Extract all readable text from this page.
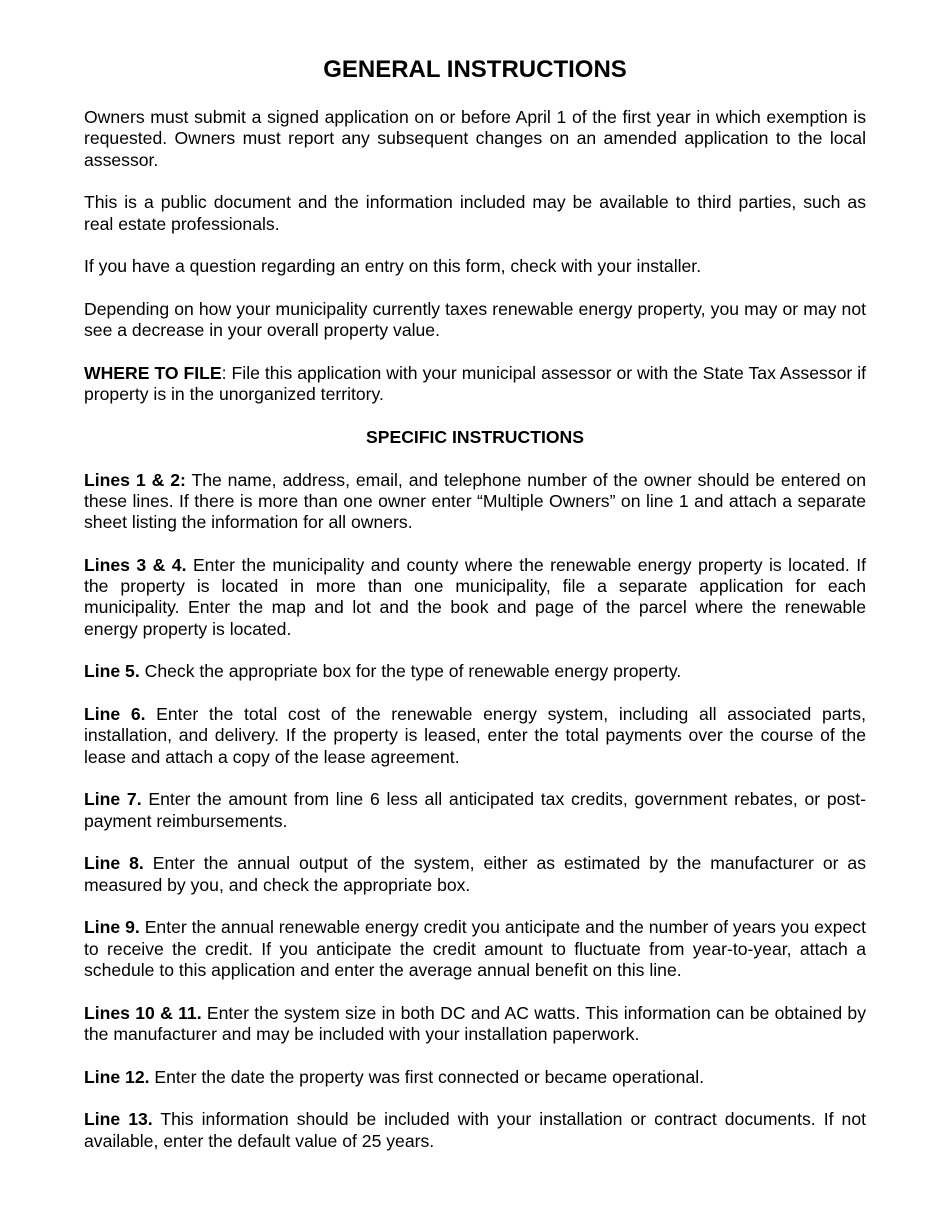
GENERAL INSTRUCTIONS

Owners must submit a signed application on or before April 1 of the first year in which exemption is requested. Owners must report any subsequent changes on an amended application to the local assessor.

This is a public document and the information included may be available to third parties, such as real estate professionals.

If you have a question regarding an entry on this form, check with your installer.

Depending on how your municipality currently taxes renewable energy property, you may or may not see a decrease in your overall property value.

WHERE TO FILE: File this application with your municipal assessor or with the State Tax Assessor if property is in the unorganized territory.

SPECIFIC INSTRUCTIONS

Lines 1 & 2: The name, address, email, and telephone number of the owner should be entered on these lines. If there is more than one owner enter “Multiple Owners” on line 1 and attach a separate sheet listing the information for all owners.

Lines 3 & 4. Enter the municipality and county where the renewable energy property is located. If the property is located in more than one municipality, file a separate application for each municipality. Enter the map and lot and the book and page of the parcel where the renewable energy property is located.

Line 5. Check the appropriate box for the type of renewable energy property.

Line 6. Enter the total cost of the renewable energy system, including all associated parts, installation, and delivery. If the property is leased, enter the total payments over the course of the lease and attach a copy of the lease agreement.

Line 7. Enter the amount from line 6 less all anticipated tax credits, government rebates, or post-payment reimbursements.

Line 8. Enter the annual output of the system, either as estimated by the manufacturer or as measured by you, and check the appropriate box.

Line 9. Enter the annual renewable energy credit you anticipate and the number of years you expect to receive the credit. If you anticipate the credit amount to fluctuate from year-to-year, attach a schedule to this application and enter the average annual benefit on this line.

Lines 10 & 11. Enter the system size in both DC and AC watts. This information can be obtained by the manufacturer and may be included with your installation paperwork.

Line 12. Enter the date the property was first connected or became operational.

Line 13. This information should be included with your installation or contract documents. If not available, enter the default value of 25 years.
